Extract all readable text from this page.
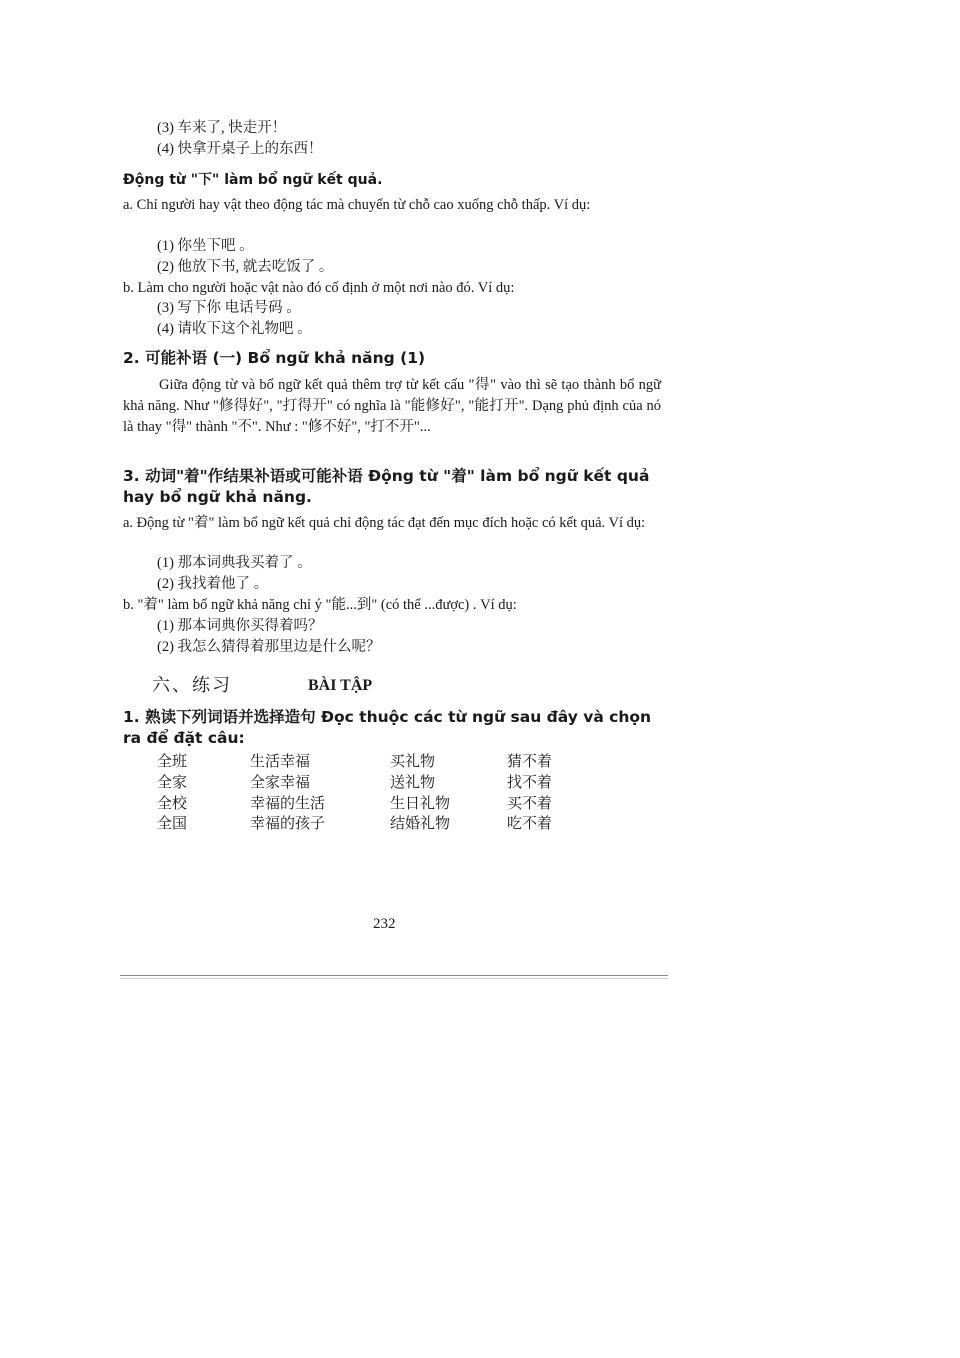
(3) 车来了, 快走开！
(4) 快拿开桌子上的东西！
Động từ "下" làm bổ ngữ kết quả.
a. Chỉ người hay vật theo động tác mà chuyển từ chỗ cao xuống chỗ thấp. Ví dụ:
(1) 你坐下吧 。
(2) 他放下书, 就去吃饭了 。
b. Làm cho người hoặc vật nào đó cố định ở một nơi nào đó. Ví dụ:
(3) 写下你 电话号码 。
(4) 请收下这个礼物吧 。
2. 可能补语 (一) Bổ ngữ khả năng (1)
Giữa động từ và bổ ngữ kết quả thêm trợ từ kết cấu "得" vào thì sẽ tạo thành bổ ngữ khả năng. Như "修得好", "打得开" có nghĩa là "能修好", "能打开". Dạng phủ định của nó là thay "得" thành "不". Như : "修不好", "打不开"...
3. 动词"着"作结果补语或可能补语 Động từ "着" làm bổ ngữ kết quả hay bổ ngữ khả năng.
a. Động từ "着" làm bổ ngữ kết quả chỉ động tác đạt đến mục đích hoặc có kết quả. Ví dụ:
(1) 那本词典我买着了 。
(2) 我找着他了 。
b. "着" làm bổ ngữ khả năng chỉ ý "能...到" (có thể ...được) . Ví dụ:
(1) 那本词典你买得着吗？
(2) 我怎么猜得着那里边是什么呢？
六、练习	BÀI TẬP
1. 熟读下列词语并选择造句 Đọc thuộc các từ ngữ sau đây và chọn ra để đặt câu:
全班
全家
全校
全国
生活幸福
全家幸福
幸福的生活
幸福的孩子
买礼物
送礼物
生日礼物
结婚礼物
猜不着
找不着
买不着
吃不着
232
